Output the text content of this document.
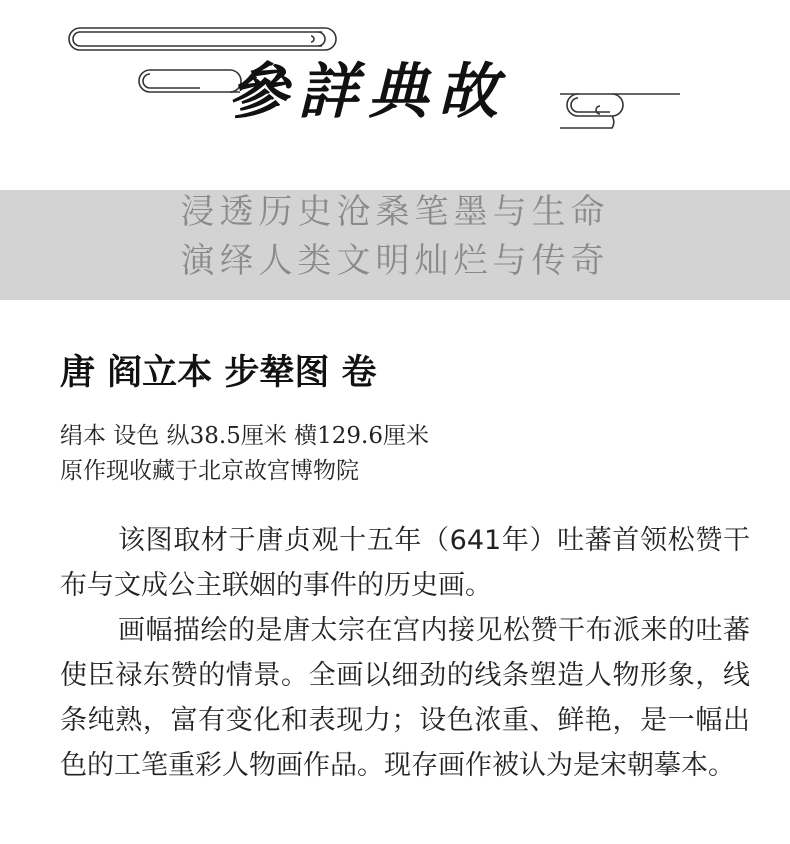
參詳典故
浸透历史沧桑笔墨与生命
演绎人类文明灿烂与传奇
唐 阎立本 步辇图 卷
绢本 设色 纵38.5厘米 横129.6厘米
原作现收藏于北京故宫博物院

该图取材于唐贞观十五年（641年）吐蕃首领松赞干布与文成公主联姻的事件的历史画。

画幅描绘的是唐太宗在宫内接见松赞干布派来的吐蕃使臣禄东赞的情景。全画以细劲的线条塑造人物形象，线条纯熟，富有变化和表现力；设色浓重、鲜艳，是一幅出色的工笔重彩人物画作品。现存画作被认为是宋朝摹本。
